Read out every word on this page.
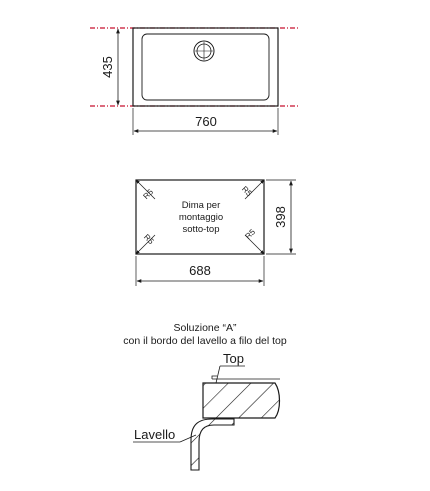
435
760
R5	R5
R5	R5
Dima per
montaggio
sotto-top
398
688
Soluzione “A”
con il bordo del lavello a filo del top
Top
Lavello
